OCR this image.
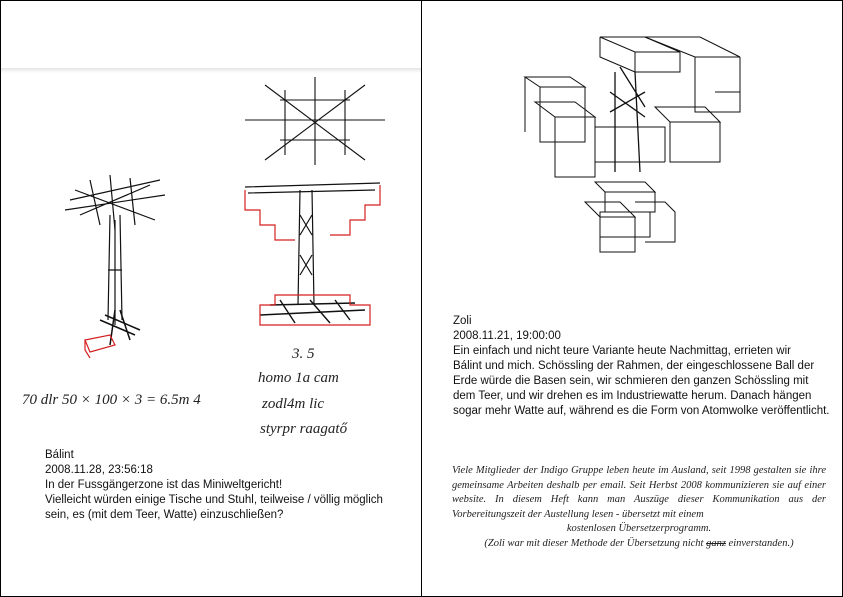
70 dlr 50 × 100 × 3 = 6.5m 4
3. 5
homo 1a cam
zodl4m lic
styrpr raagatő
Bálint
2008.11.28, 23:56:18
In der Fussgängerzone ist das Miniweltgericht!
Vielleicht würden einige Tische und Stuhl, teilweise / völlig möglich
sein, es (mit dem Teer, Watte) einzuschließen?
Zoli
2008.11.21, 19:00:00
Ein einfach und nicht teure Variante heute Nachmittag, errieten wir
Bálint und mich. Schössling der Rahmen, der eingeschlossene Ball der
Erde würde die Basen sein, wir schmieren den ganzen Schössling mit
dem Teer, und wir drehen es im Industriewatte herum. Danach hängen
sogar mehr Watte auf, während es die Form von Atomwolke veröffentlicht.
Viele Mitglieder der Indigo Gruppe leben heute im Ausland, seit 1998 gestalten sie ihre gemeinsame Arbeiten deshalb per email. Seit Herbst 2008 kommunizieren sie auf einer website. In diesem Heft kann man Auszüge dieser Kommunikation aus der Vorbereitungszeit der Austellung lesen - übersetzt mit einem
kostenlosen Übersetzerprogramm.
(Zoli war mit dieser Methode der Übersetzung nicht ganz einverstanden.)
